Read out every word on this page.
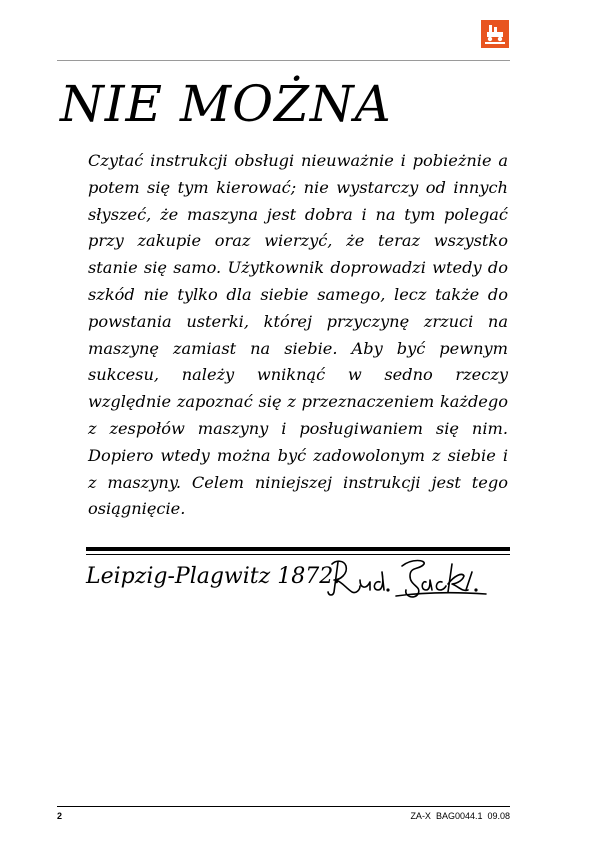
NIE MOŻNA

Czytać instrukcji obsługi nieuważnie i pobieżnie a potem się tym kierować; nie wystarczy od innych słyszeć, że maszyna jest dobra i na tym polegać przy zakupie oraz wierzyć, że teraz wszystko stanie się samo. Użytkownik doprowadzi wtedy do szkód nie tylko dla siebie samego, lecz także do powstania usterki, której przyczynę zrzuci na maszynę zamiast na siebie. Aby być pewnym sukcesu, należy wniknąć w sedno rzeczy względnie zapoznać się z przeznaczeniem każdego z zespołów maszyny i posługiwaniem się nim. Dopiero wtedy można być zadowolonym z siebie i z maszyny. Celem niniejszej instrukcji jest tego osiągnięcie.

Leipzig-Plagwitz 1872.

2	ZA-X  BAG0044.1  09.08
